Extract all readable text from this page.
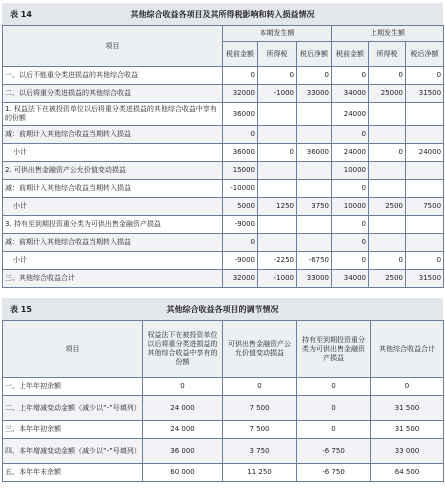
表 14	其他综合收益各项目及其所得税影响和转入损益情况
项目	本期发生额			上期发生额		
	税前金额	所得税	税后净额	税前金额	所得税	税后净额
一、以后不能重分类进损益的其他综合收益	0	0	0	0	0	0
二、以后将重分类进损益的其他综合收益	32000	-1000	33000	34000	25000	31500
1. 权益法下在被投资单位以后将重分类进损益的其他综合收益中享有的份额	36000			24000		
减：前期计入其他综合收益当期转入损益	0			0		
小计	36000	0	36000	24000	0	24000
2. 可供出售金融资产公允价值变动损益	15000			10000		
减：前期计入其他综合收益当期转入损益	-10000			0		
小计	5000	1250	3750	10000	2500	7500
3. 持有至到期投资重分类为可供出售金融资产损益	-9000			0		
减：前期计入其他综合收益当期转入损益	0			0		
小计	-9000	-2250	-6750	0	0	0
三、其他综合收益合计	32000	-1000	33000	34000	2500	31500
表 15	其他综合收益各项目的调节情况
项目	权益法下在被投资单位以后将重分类进损益的其他综合收益中享有的份额	可供出售金融资产公允价值变动损益	持有至到期投资重分类为可供出售金融资产损益	其他综合收益合计
一、上年年初余额	0	0	0	0
二、上年增减变动金额（减少以“-”号填列）	24 000	7 500	0	31 500
三、本年年初余额	24 000	7 500	0	31 500
四、本年增减变动金额（减少以“-”号填列）	36 000	3 750	-6 750	33 000
五、本年年末余额	60 000	11 250	-6 750	64 500
